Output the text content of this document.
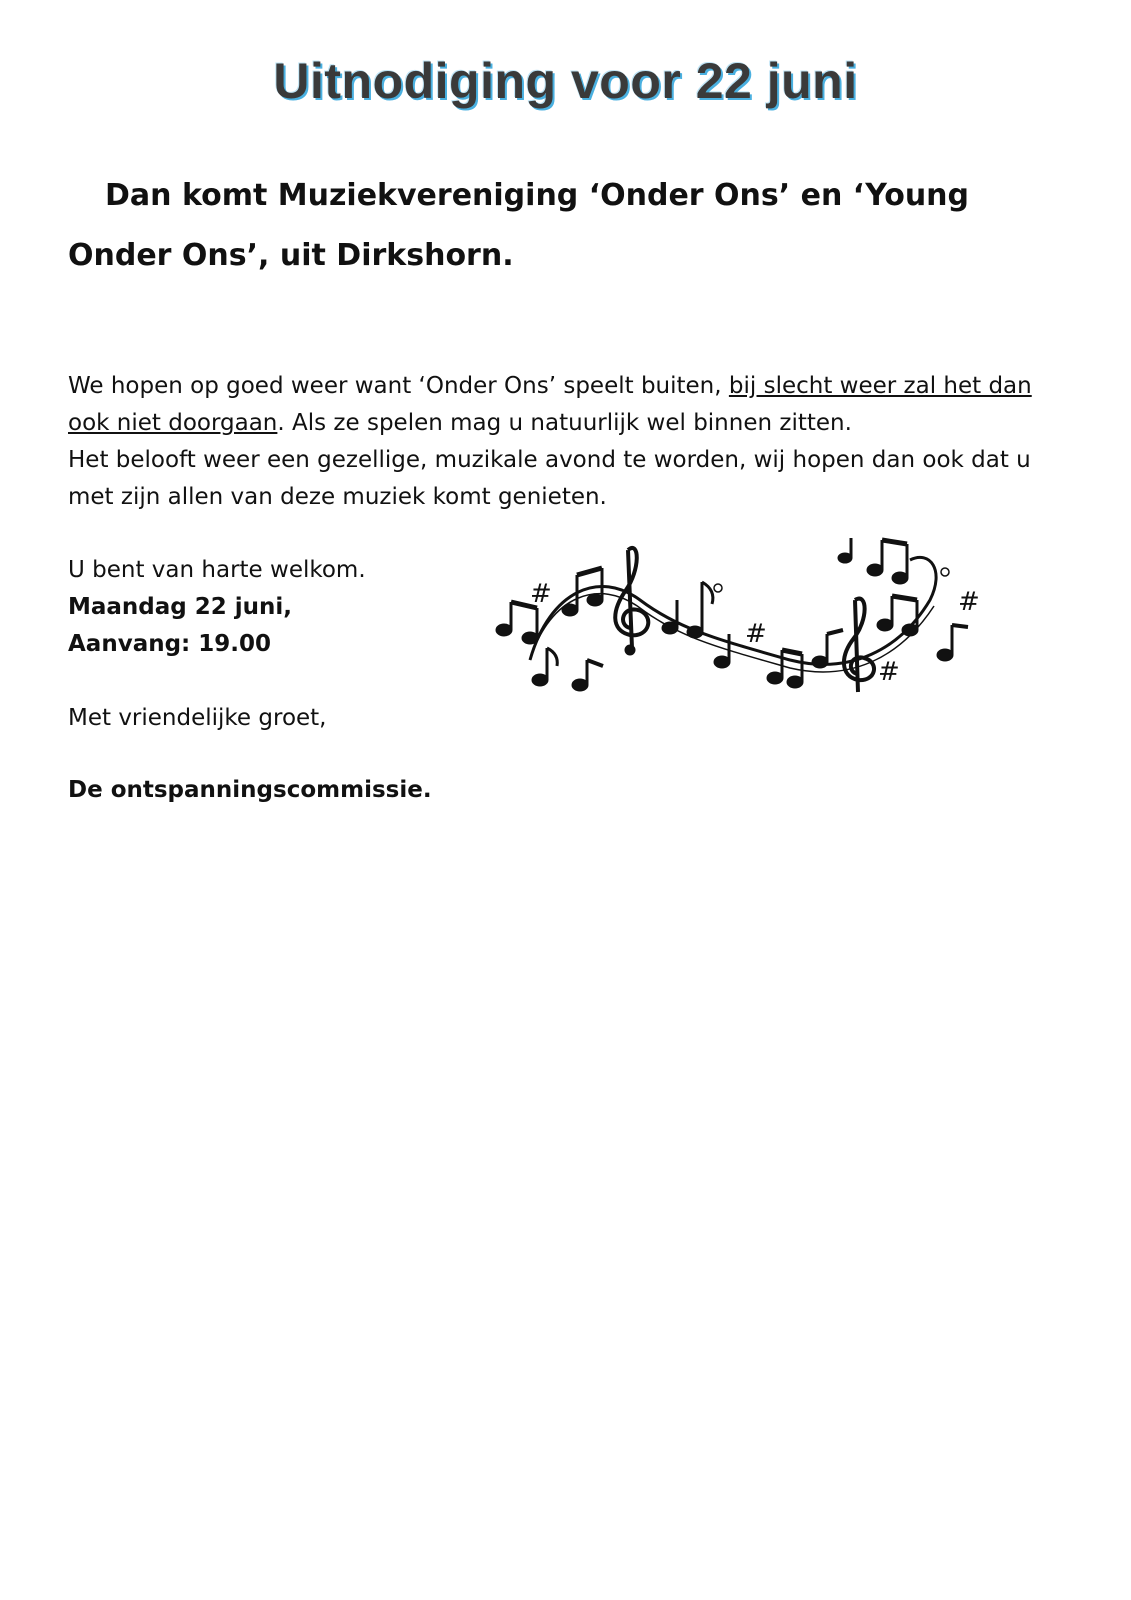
Uitnodiging voor 22 juni

Dan komt Muziekvereniging ‘Onder Ons’ en ‘Young Onder Ons’, uit Dirkshorn.

We hopen op goed weer want ‘Onder Ons’ speelt buiten, bij slecht weer zal het dan ook niet doorgaan. Als ze spelen mag u natuurlijk wel binnen zitten.
Het belooft weer een gezellige, muzikale avond te worden, wij hopen dan ook dat u met zijn allen van deze muziek komt genieten.

U bent van harte welkom.
Maandag 22 juni,
Aanvang: 19.00

Met vriendelijke groet,

De ontspanningscommissie.

#
#
#
#
